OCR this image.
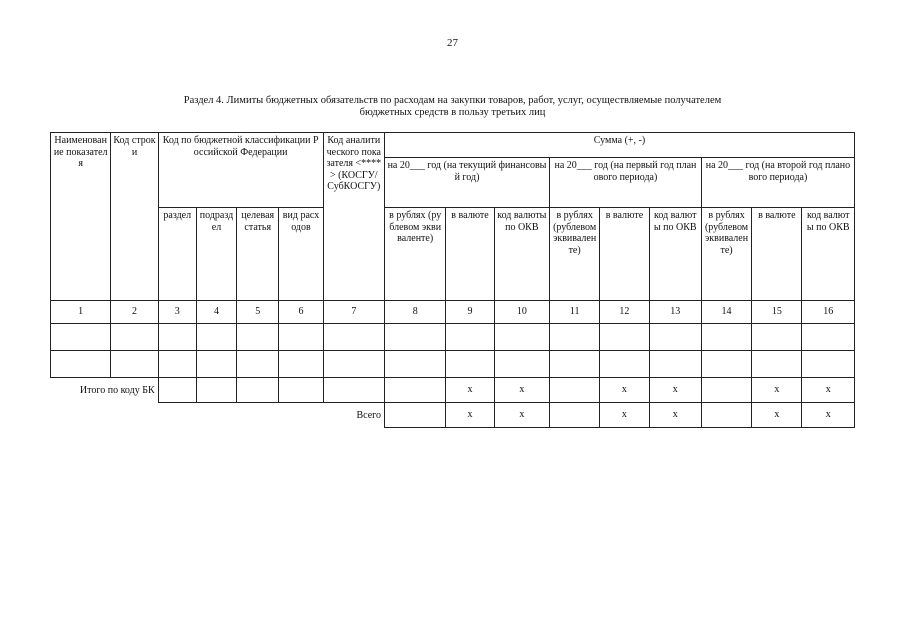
27
Раздел 4. Лимиты бюджетных обязательств по расходам на закупки товаров, работ, услуг, осуществляемые получателем
бюджетных средств в пользу третьих лиц
Наименование показателя	Код строки	Код по бюджетной классификации Российской Федерации				Код аналитического показателя <****> (КОСГУ/ СубКОСГУ)	Сумма (+, -)								
							на 20___ год (на текущий финансовый год)			на 20___ год (на первый год планового периода)			на 20___ год (на второй год планового периода)		
		раздел	подраздел	целевая статья	вид расходов		в рублях (рублевом эквиваленте)	в валюте	код валюты по ОКВ	в рублях (рублевом эквиваленте)	в валюте	код валюты по ОКВ	в рублях (рублевом эквиваленте)	в валюте	код валюты по ОКВ
1	2	3	4	5	6	7	8	9	10	11	12	13	14	15	16

Итого по коду БК								x	x		x	x		x	x
Всего								x	x		x	x		x	x
